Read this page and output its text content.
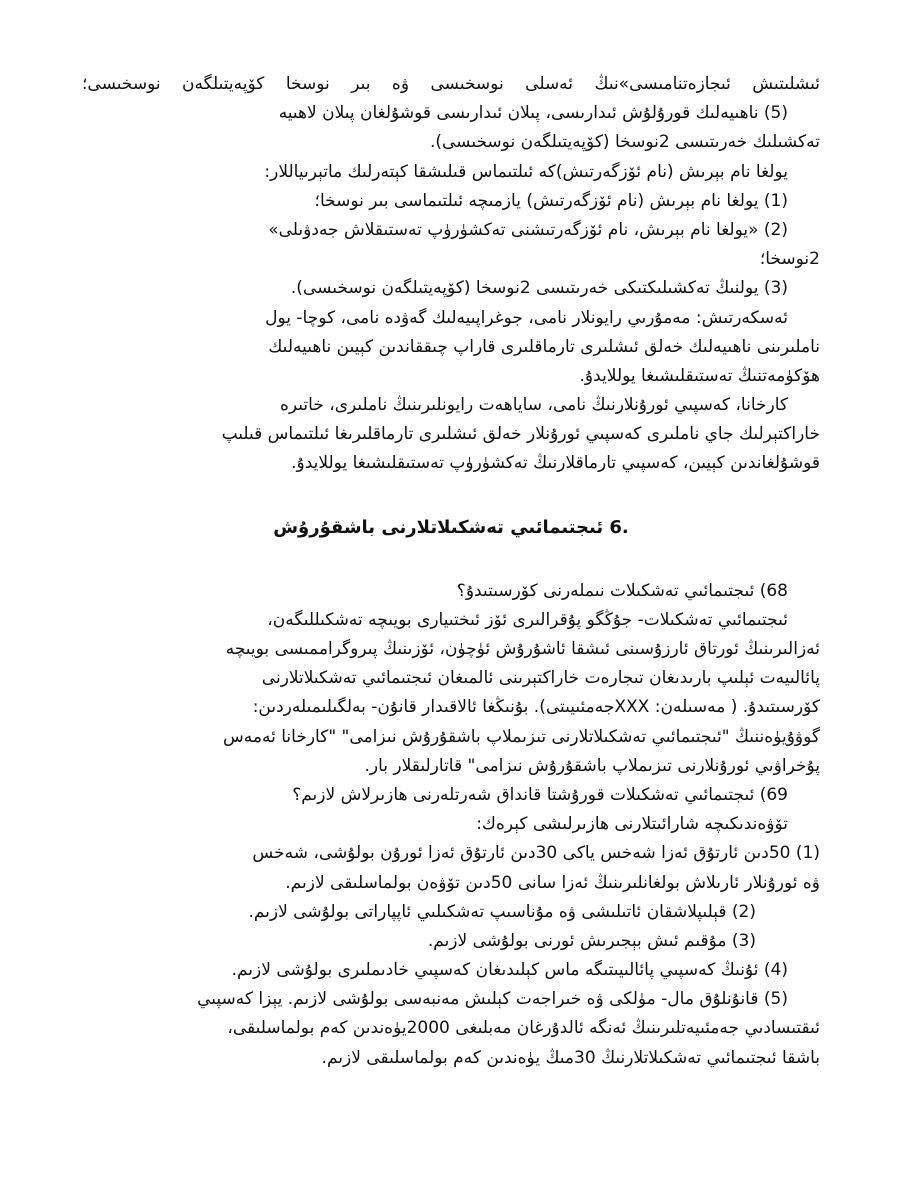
ئىشلىتىش ئىجازەتنامىسى»نىڭ ئەسلى نوسخىسى ۋە بىر نوسخا كۆپەيتىلگەن نوسخىسى؛
(5) ناھىيەلىك قورۇلۇش ئىدارىسى، پىلان ئىدارىسى قوشۇلغان پىلان لاھىيە
تەكشىلىك خەرىتىسى 2نوسخا (كۆپەيتىلگەن نوسخىسى).
يولغا نام بېرىش (نام ئۆزگەرتىش)كە ئىلتىماس قىلىشقا كېتەرلىك ماتېرىياللار:
(1) يولغا نام بېرىش (نام ئۆزگەرتىش) يازمىچە ئىلتىماسى بىر نوسخا؛
(2) «يولغا نام بېرىش، نام ئۆزگەرتىشنى تەكشۈرۈپ تەستىقلاش جەدۋىلى»
2نوسخا؛
(3) يولنىڭ تەكشىلىكتىكى خەرىتىسى 2نوسخا (كۆپەيتىلگەن نوسخىسى).
ئەسكەرتىش: مەمۇرىي رايونلار نامى، جوغراپىيەلىك گەۋدە نامى، كوچا- يول
ناملىرىنى ناھىيەلىك خەلق ئىشلىرى تارماقلىرى قاراپ چىققاندىن كېيىن ناھىيەلىك
ھۆكۈمەتنىڭ تەستىقلىشىغا يوللايدۇ.
كارخانا، كەسپىي ئورۇنلارنىڭ نامى، ساياھەت رايونلىرىنىڭ ناملىرى، خاتىرە
خاراكتېرلىك جاي ناملىرى كەسپىي ئورۇنلار خەلق ئىشلىرى تارماقلىرىغا ئىلتىماس قىلىپ
قوشۇلغاندىن كېيىن، كەسپىي تارماقلارنىڭ تەكشۈرۈپ تەستىقلىشىغا يوللايدۇ.
6. ئىجتىمائىي تەشكىلاتلارنى باشقۇرۇش
68) ئىجتىمائىي تەشكىلات نىملەرنى كۆرسىتىدۇ؟
ئىجتىمائىي تەشكىلات- جۇڭگو پۇقرالىرى ئۆز ئىختىيارى بويىچە تەشكىللىگەن،
ئەزالىرىنىڭ ئورتاق ئارزۇسىنى ئىشقا ئاشۇرۇش ئۈچۈن، ئۆزىنىڭ پىروگراممىسى بويىچە
پائالىيەت ئېلىپ بارىدىغان تىجارەت خاراكتېرىنى ئالمىغان ئىجتىمائىي تەشكىلاتلارنى
كۆرسىتىدۇ. ( مەسىلەن: XXXجەمئىيىتى). بۇنىڭغا ئالاقىدار قانۇن- بەلگىلىمىلەردىن:
گوۋۇيۈەننىڭ "ئىجتىمائىي تەشكىلاتلارنى تىزىملاپ باشقۇرۇش نىزامى" "كارخانا ئەمەس
پۇخراۋىي ئورۇنلارنى تىزىملاپ باشقۇرۇش نىزامى" قاتارلىقلار بار.
69) ئىجتىمائىي تەشكىلات قورۇشتا قانداق شەرتلەرنى ھازىرلاش لازىم؟
تۆۋەندىكىچە شارائىتلارنى ھازىرلىشى كېرەك:
(1) 50دىن ئارتۇق ئەزا شەخس ياكى 30دىن ئارتۇق ئەزا ئورۇن بولۇشى، شەخس
ۋە ئورۇنلار ئارىلاش بولغانلىرىنىڭ ئەزا سانى 50دىن تۆۋەن بولماسلىقى لازىم.
(2) قېلىپلاشقان ئاتىلىشى ۋە مۇناسىپ تەشكىلىي ئاپپاراتى بولۇشى لازىم.
(3) مۇقىم ئىش بېجىرىش ئورنى بولۇشى لازىم.
(4) ئۇنىڭ كەسپىي پائالىيىتىگە ماس كېلىدىغان كەسپىي خادىملىرى بولۇشى لازىم.
(5) قانۇنلۇق مال- مۈلكى ۋە خىراجەت كېلىش مەنبەسى بولۇشى لازىم. يېزا كەسپىي
ئىقتىسادىي جەمئىيەتلىرىنىڭ ئەنگە ئالدۇرغان مەبلىغى 2000يۈەندىن كەم بولماسلىقى،
باشقا ئىجتىمائىي تەشكىلاتلارنىڭ 30مىڭ يۈەندىن كەم بولماسلىقى لازىم.
